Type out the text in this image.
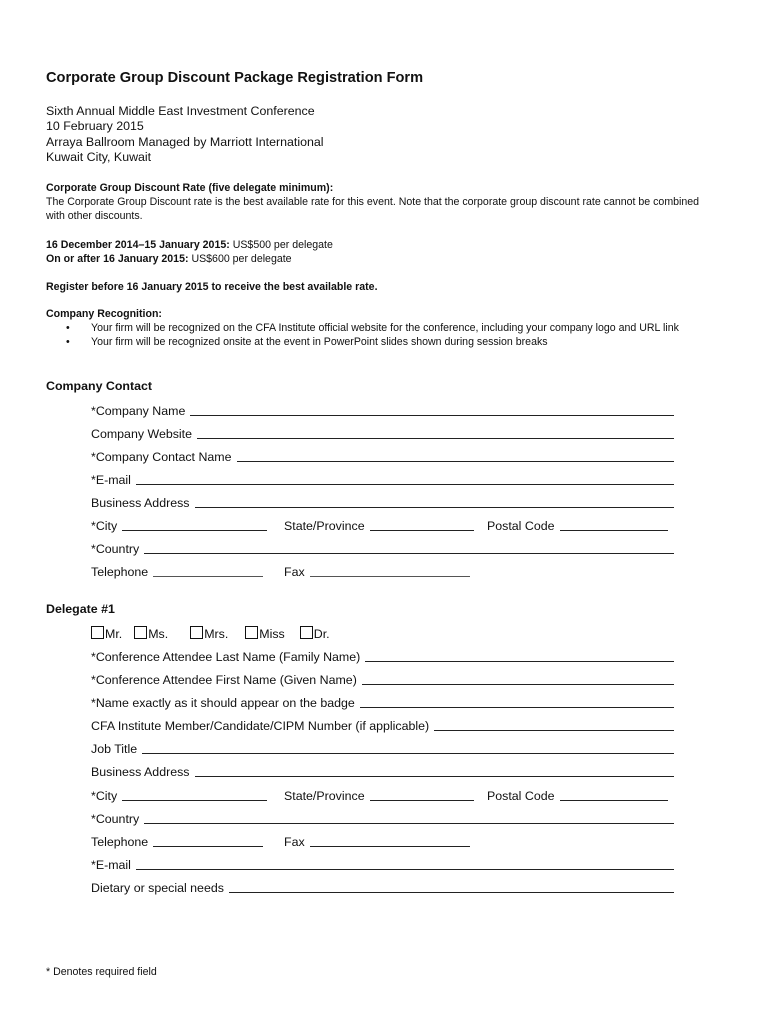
Corporate Group Discount Package Registration Form
Sixth Annual Middle East Investment Conference
10 February 2015
Arraya Ballroom Managed by Marriott International
Kuwait City, Kuwait
Corporate Group Discount Rate (five delegate minimum):
The Corporate Group Discount rate is the best available rate for this event. Note that the corporate group discount rate cannot be combined with other discounts.
16 December 2014–15 January 2015: US$500 per delegate
On or after 16 January 2015: US$600 per delegate
Register before 16 January 2015 to receive the best available rate.
Company Recognition:
• Your firm will be recognized on the CFA Institute official website for the conference, including your company logo and URL link
• Your firm will be recognized onsite at the event in PowerPoint slides shown during session breaks
Company Contact
*Company Name
Company Website
*Company Contact Name
*E-mail
Business Address
*City	State/Province	Postal Code
*Country
Telephone	Fax
Delegate #1
Mr. Ms.	Mrs.	Miss Dr.
*Conference Attendee Last Name (Family Name)
*Conference Attendee First Name (Given Name)
*Name exactly as it should appear on the badge
CFA Institute Member/Candidate/CIPM Number (if applicable)
Job Title
Business Address
*City	State/Province	Postal Code
*Country
Telephone	Fax
*E-mail
Dietary or special needs
* Denotes required field
